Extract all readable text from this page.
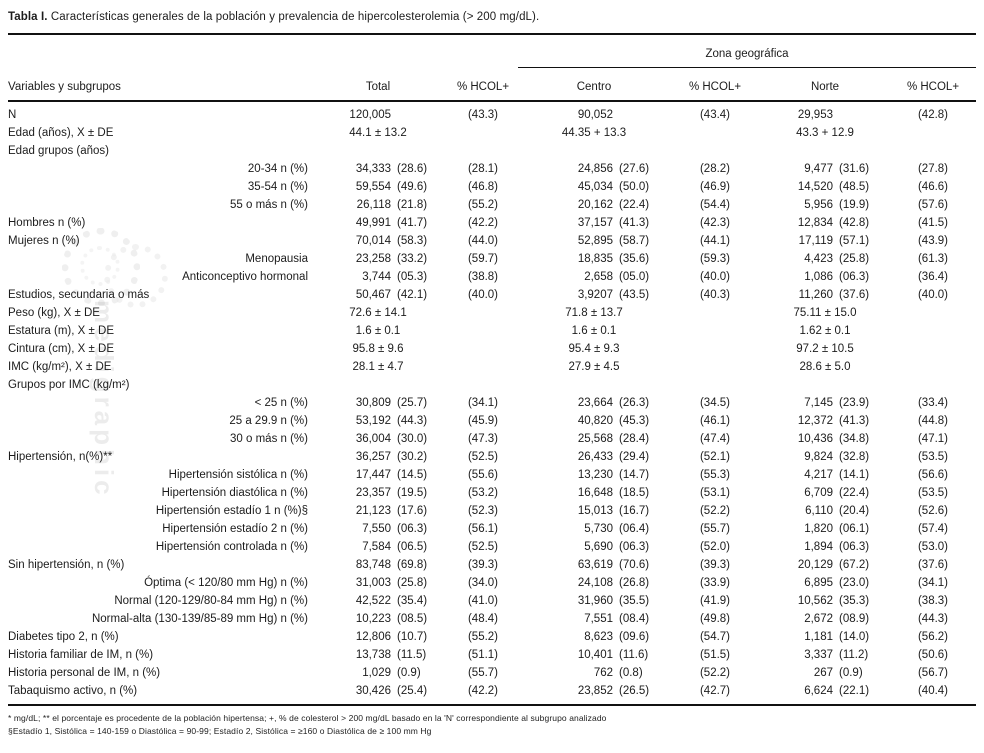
medigraphic
Tabla I. Características generales de la población y prevalencia de hipercolesterolemia (> 200 mg/dL).
Zona geográfica
Variables y subgrupos	Total	% HCOL+	Centro	% HCOL+	Norte	% HCOL+
N	120,005	(43.3)	90,052	(43.4)	29,953	(42.8)
Edad (años), X ± DE	44.1 ± 13.2	44.35 + 13.3	43.3 + 12.9
Edad grupos (años)
20-34 n (%)	34,333 (28.6)	(28.1)	24,856 (27.6)	(28.2)	9,477 (31.6)	(27.8)
35-54 n (%)	59,554 (49.6)	(46.8)	45,034 (50.0)	(46.9)	14,520 (48.5)	(46.6)
55 o más n (%)	26,118 (21.8)	(55.2)	20,162 (22.4)	(54.4)	5,956 (19.9)	(57.6)
Hombres n (%)	49,991 (41.7)	(42.2)	37,157 (41.3)	(42.3)	12,834 (42.8)	(41.5)
Mujeres n (%)	70,014 (58.3)	(44.0)	52,895 (58.7)	(44.1)	17,119 (57.1)	(43.9)
Menopausia	23,258 (33.2)	(59.7)	18,835 (35.6)	(59.3)	4,423 (25.8)	(61.3)
Anticonceptivo hormonal	3,744 (05.3)	(38.8)	2,658 (05.0)	(40.0)	1,086 (06.3)	(36.4)
Estudios, secundaria o más	50,467 (42.1)	(40.0)	3,9207 (43.5)	(40.3)	11,260 (37.6)	(40.0)
Peso (kg), X ± DE	72.6 ± 14.1	71.8 ± 13.7	75.11 ± 15.0
Estatura (m), X ± DE	1.6 ± 0.1	1.6 ± 0.1	1.62 ± 0.1
Cintura (cm), X ± DE	95.8 ± 9.6	95.4 ± 9.3	97.2 ± 10.5
IMC (kg/m²), X ± DE	28.1 ± 4.7	27.9 ± 4.5	28.6 ± 5.0
Grupos por IMC (kg/m²)
< 25 n (%)	30,809 (25.7)	(34.1)	23,664 (26.3)	(34.5)	7,145 (23.9)	(33.4)
25 a 29.9 n (%)	53,192 (44.3)	(45.9)	40,820 (45.3)	(46.1)	12,372 (41.3)	(44.8)
30 o más n (%)	36,004 (30.0)	(47.3)	25,568 (28.4)	(47.4)	10,436 (34.8)	(47.1)
Hipertensión, n(%)**	36,257 (30.2)	(52.5)	26,433 (29.4)	(52.1)	9,824 (32.8)	(53.5)
Hipertensión sistólica n (%)	17,447 (14.5)	(55.6)	13,230 (14.7)	(55.3)	4,217 (14.1)	(56.6)
Hipertensión diastólica n (%)	23,357 (19.5)	(53.2)	16,648 (18.5)	(53.1)	6,709 (22.4)	(53.5)
Hipertensión estadío 1 n (%)§	21,123 (17.6)	(52.3)	15,013 (16.7)	(52.2)	6,110 (20.4)	(52.6)
Hipertensión estadío 2 n (%)	7,550 (06.3)	(56.1)	5,730 (06.4)	(55.7)	1,820 (06.1)	(57.4)
Hipertensión controlada n (%)	7,584 (06.5)	(52.5)	5,690 (06.3)	(52.0)	1,894 (06.3)	(53.0)
Sin hipertensión, n (%)	83,748 (69.8)	(39.3)	63,619 (70.6)	(39.3)	20,129 (67.2)	(37.6)
Óptima (< 120/80 mm Hg) n (%)	31,003 (25.8)	(34.0)	24,108 (26.8)	(33.9)	6,895 (23.0)	(34.1)
Normal (120-129/80-84 mm Hg) n (%)	42,522 (35.4)	(41.0)	31,960 (35.5)	(41.9)	10,562 (35.3)	(38.3)
Normal-alta (130-139/85-89 mm Hg) n (%)	10,223 (08.5)	(48.4)	7,551 (08.4)	(49.8)	2,672 (08.9)	(44.3)
Diabetes tipo 2, n (%)	12,806 (10.7)	(55.2)	8,623 (09.6)	(54.7)	1,181 (14.0)	(56.2)
Historia familiar de IM, n (%)	13,738 (11.5)	(51.1)	10,401 (11.6)	(51.5)	3,337 (11.2)	(50.6)
Historia personal de IM, n (%)	1,029 (0.9)	(55.7)	762 (0.8)	(52.2)	267 (0.9)	(56.7)
Tabaquismo activo, n (%)	30,426 (25.4)	(42.2)	23,852 (26.5)	(42.7)	6,624 (22.1)	(40.4)
* mg/dL; ** el porcentaje es procedente de la población hipertensa; +, % de colesterol > 200 mg/dL basado en la 'N' correspondiente al subgrupo analizado
§Estadío 1, Sistólica = 140-159 o Diastólica = 90-99; Estadío 2, Sistólica = ≥160 o Diastólica de ≥ 100 mm Hg
